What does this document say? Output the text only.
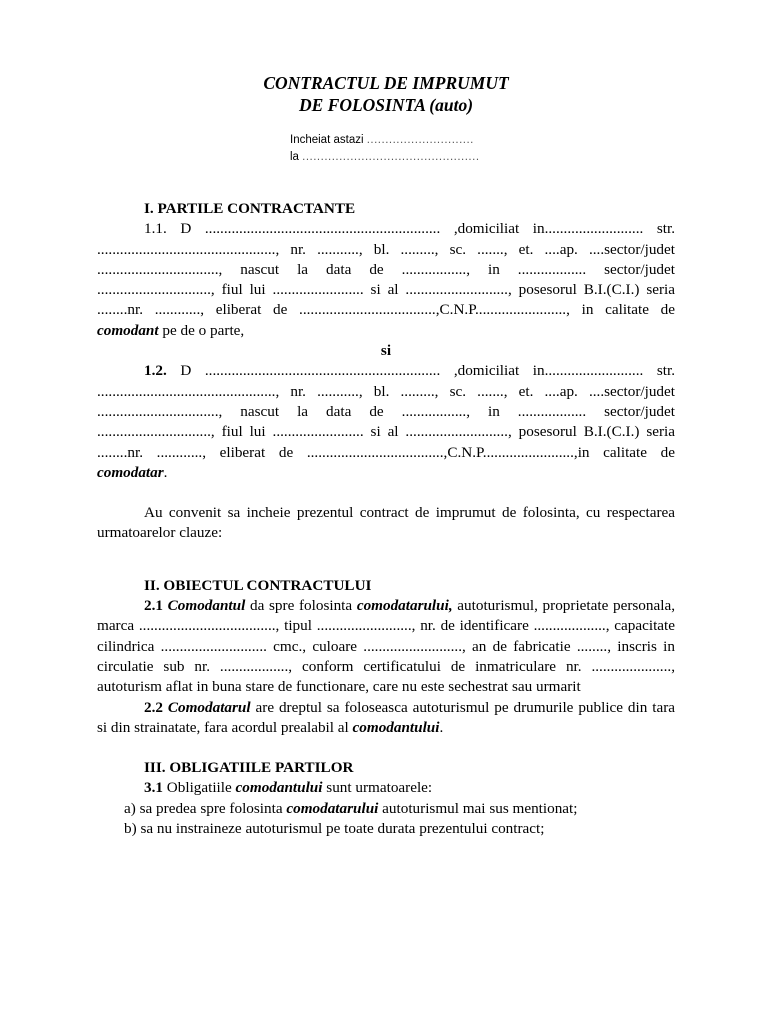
CONTRACTUL DE IMPRUMUT
DE FOLOSINTA (auto)
Incheiat astazi .............................
la ................................................
I. PARTILE CONTRACTANTE

1.1. D .............................................................. ,domiciliat in.......................... str. ..............................................., nr. ..........., bl. ........., sc. ......., et. ....ap. ....sector/judet ................................, nascut la data de ................., in .................. sector/judet .............................., fiul lui ........................ si al ..........................., posesorul B.I.(C.I.) seria ........nr. ............, eliberat de ....................................,C.N.P........................, in calitate de comodant pe de o parte,

si

1.2. D .............................................................. ,domiciliat in.......................... str. ..............................................., nr. ..........., bl. ........., sc. ......., et. ....ap. ....sector/judet ................................, nascut la data de ................., in .................. sector/judet .............................., fiul lui ........................ si al ..........................., posesorul B.I.(C.I.) seria ........nr. ............, eliberat de ....................................,C.N.P........................,in calitate de comodatar.

Au convenit sa incheie prezentul contract de imprumut de folosinta, cu respectarea urmatoarelor clauze:

II. OBIECTUL CONTRACTULUI

2.1 Comodantul da spre folosinta comodatarului, autoturismul, proprietate personala, marca ...................................., tipul ........................., nr. de identificare ..................., capacitate cilindrica ............................ cmc., culoare .........................., an de fabricatie ........, inscris in circulatie sub nr. .................., conform certificatului de inmatriculare nr. ....................., autoturism aflat in buna stare de functionare, care nu este sechestrat sau urmarit

2.2 Comodatarul are dreptul sa foloseasca autoturismul pe drumurile publice din tara si din strainatate, fara acordul prealabil al comodantului.

III. OBLIGATIILE PARTILOR

3.1 Obligatiile comodantului sunt urmatoarele:

a) sa predea spre folosinta comodatarului autoturismul mai sus mentionat;

b) sa nu instraineze autoturismul pe toate durata prezentului contract;
